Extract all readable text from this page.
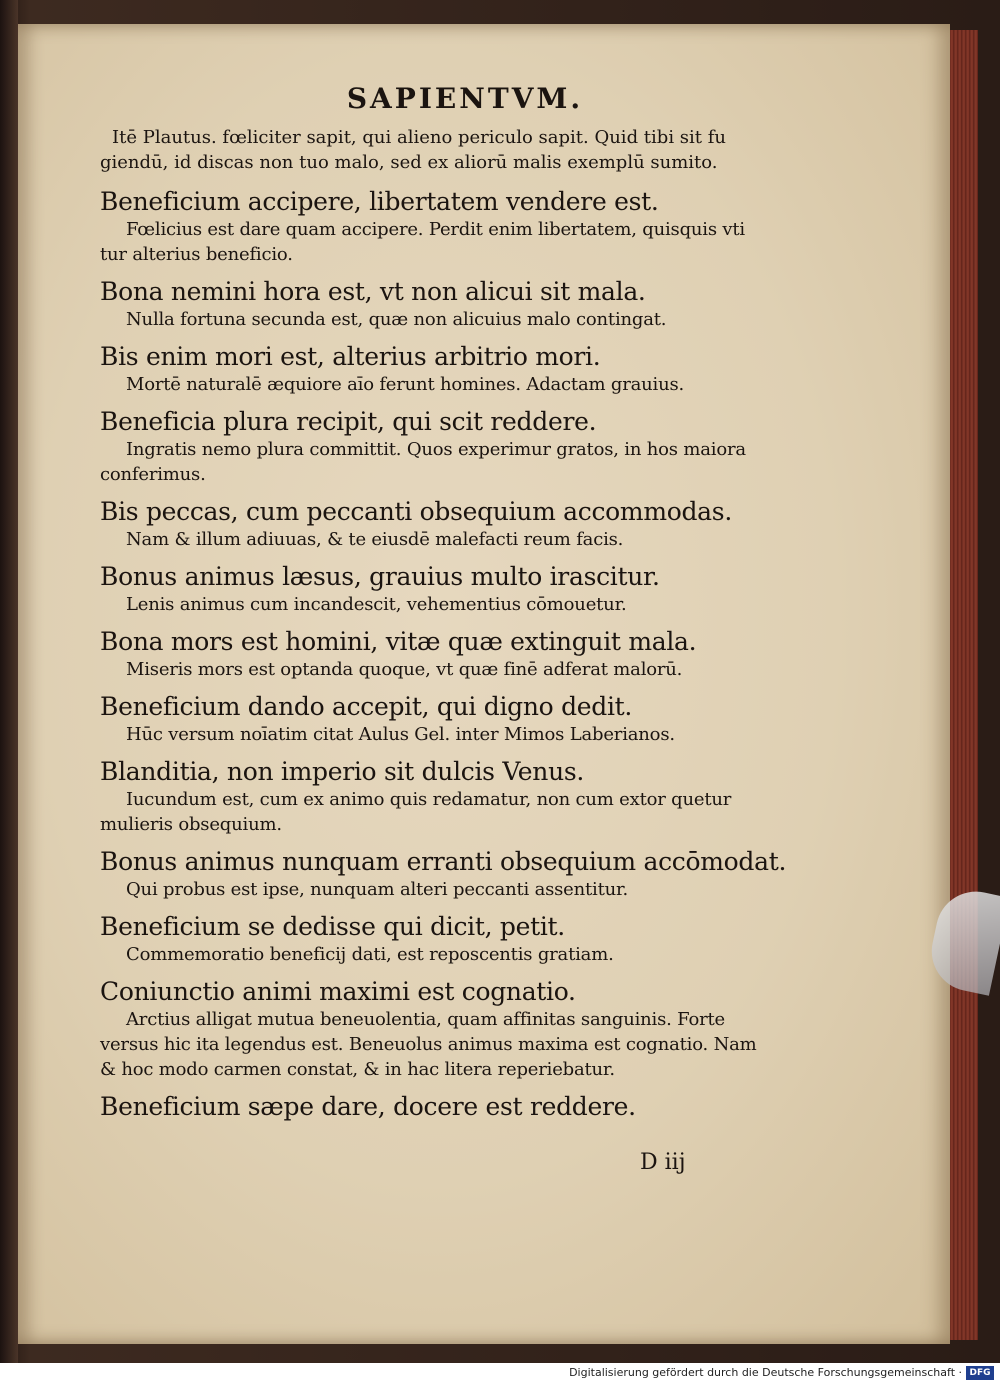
SAPIENTVM.

Itē Plautus. fœliciter sapit, qui alieno periculo sapit. Quid tibi sit fu giendū, id discas non tuo malo, sed ex aliorū malis exemplū sumito.

Beneficium accipere, libertatem vendere est.

Fœlicius est dare quam accipere. Perdit enim libertatem, quisquis vti tur alterius beneficio.

Bona nemini hora est, vt non alicui sit mala.

Nulla fortuna secunda est, quæ non alicuius malo contingat.

Bis enim mori est, alterius arbitrio mori.

Mortē naturalē æquiore aīo ferunt homines. Adactam grauius.

Beneficia plura recipit, qui scit reddere.

Ingratis nemo plura committit. Quos experimur gratos, in hos maiora conferimus.

Bis peccas, cum peccanti obsequium accommodas.

Nam & illum adiuuas, & te eiusdē malefacti reum facis.

Bonus animus læsus, grauius multo irascitur.

Lenis animus cum incandescit, vehementius cōmouetur.

Bona mors est homini, vitæ quæ extinguit mala.

Miseris mors est optanda quoque, vt quæ finē adferat malorū.

Beneficium dando accepit, qui digno dedit.

Hūc versum noīatim citat Aulus Gel. inter Mimos Laberianos.

Blanditia, non imperio sit dulcis Venus.

Iucundum est, cum ex animo quis redamatur, non cum extor quetur mulieris obsequium.

Bonus animus nunquam erranti obsequium accōmodat.

Qui probus est ipse, nunquam alteri peccanti assentitur.

Beneficium se dedisse qui dicit, petit.

Commemoratio beneficij dati, est reposcentis gratiam.

Coniunctio animi maximi est cognatio.

Arctius alligat mutua beneuolentia, quam affinitas sanguinis. Forte versus hic ita legendus est. Beneuolus animus maxima est cognatio. Nam & hoc modo carmen constat, & in hac litera reperiebatur.

Beneficium sæpe dare, docere est reddere.

D iij
Digitalisierung gefördert durch die Deutsche Forschungsgemeinschaft · DFG
